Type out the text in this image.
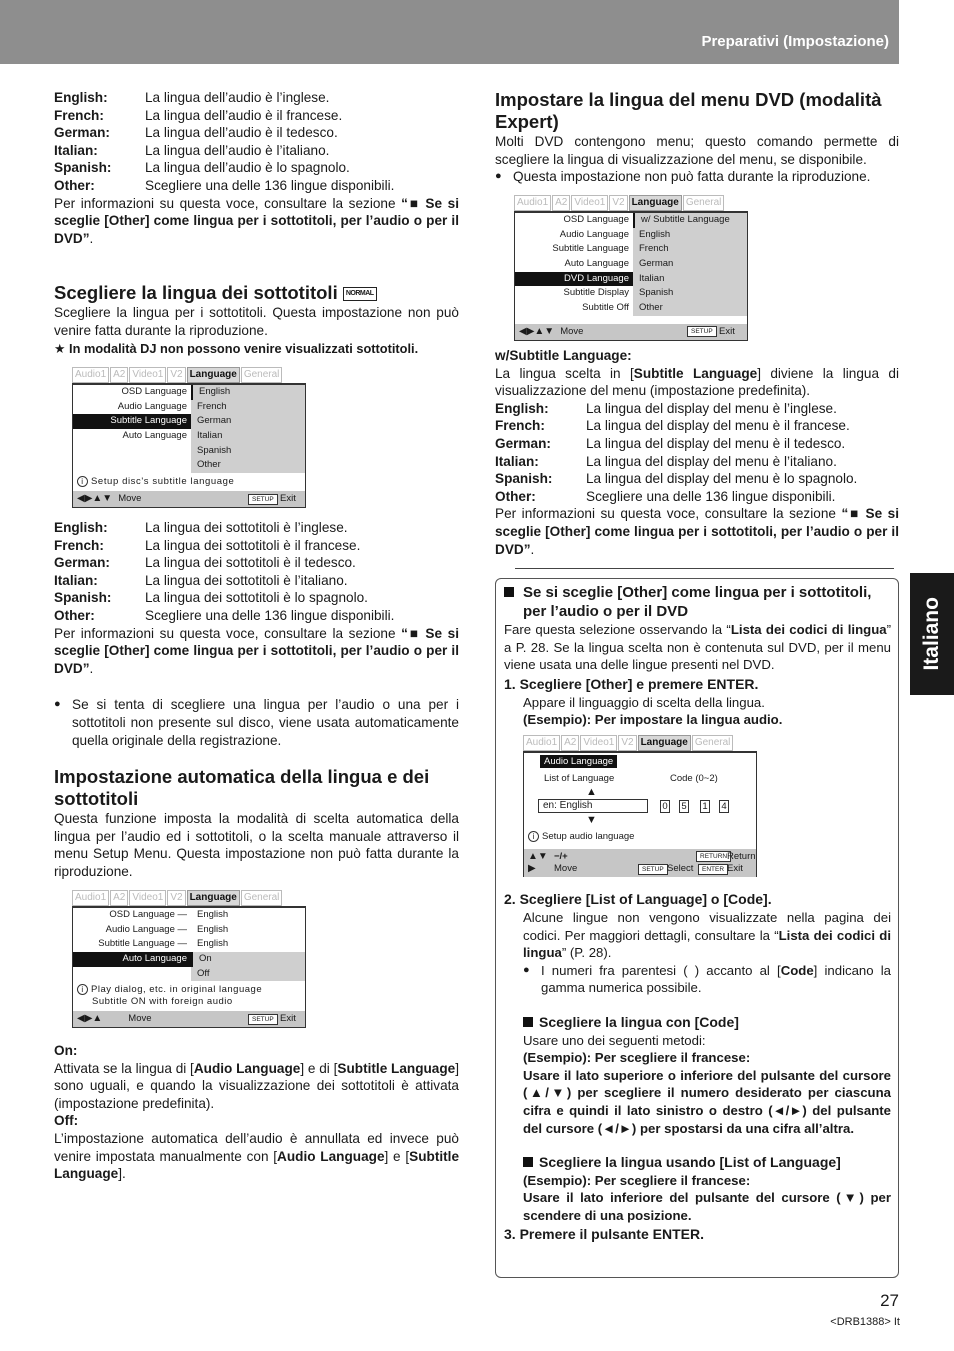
Preparativi (Impostazione)
Italiano
English:	La lingua dell’audio è l’inglese.
French:	La lingua dell’audio è il francese.
German:	La lingua dell’audio è il tedesco.
Italian:	La lingua dell’audio è l’italiano.
Spanish:	La lingua dell’audio è lo spagnolo.
Other:	Scegliere una delle 136 lingue disponibili.

Per informazioni su questa voce, consultare la sezione “■ Se si sceglie [Other] come lingua per i sottotitoli, per l’audio o per il DVD”.

Scegliere la lingua dei sottotitoli NORMAL

Scegliere la lingua per i sottotitoli. Questa impostazione non può venire fatta durante la riproduzione.

★ In modalità DJ non possono venire visualizzati sottotitoli.

Audio1 A2 Video1 V2 Language General
OSD Language	English
Audio Language	French
Subtitle Language	German
Auto Language	Italian
Spanish
Other
i Setup disc's subtitle language
◀▶▲▼ Move	SETUP Exit
English:	La lingua dei sottotitoli è l’inglese.
French:	La lingua dei sottotitoli è il francese.
German:	La lingua dei sottotitoli è il tedesco.
Italian:	La lingua dei sottotitoli è l’italiano.
Spanish:	La lingua dei sottotitoli è lo spagnolo.
Other:	Scegliere una delle 136 lingue disponibili.

Per informazioni su questa voce, consultare la sezione “■ Se si sceglie [Other] come lingua per i sottotitoli, per l’audio o per il DVD”.

● Se si tenta di scegliere una lingua per l’audio o una per i sottotitoli non presente sul disco, viene usata automaticamente quella originale della registrazione.
Impostazione automatica della lingua e dei sottotitoli

Questa funzione imposta la modalità di scelta automatica della lingua per l’audio ed i sottotitoli, o la scelta manuale attraverso il menu Setup Menu. Questa impostazione non può fatta durante la riproduzione.

Audio1 A2 Video1 V2 Language General
OSD Language —	English
Audio Language —	English
Subtitle Language —	English
Auto Language	On
Off
i Play dialog, etc. in original language
Subtitle ON with foreign audio
◀▶▲	Move	SETUP Exit

On:

Attivata se la lingua di [Audio Language] e di [Subtitle Language] sono uguali, e quando la visualizzazione dei sottotitoli è attivata (impostazione predefinita).

Off:

L’impostazione automatica dell’audio è annullata ed invece può venire impostata manualmente con [Audio Language] e [Subtitle Language].

Impostare la lingua del menu DVD (modalità Expert)

Molti DVD contengono menu; questo comando permette di scegliere la lingua di visualizzazione del menu, se disponibile.

● Questa impostazione non può fatta durante la riproduzione.
Audio1 A2 Video1 V2 Language General
OSD Language	w/ Subtitle Language
Audio Language	English
Subtitle Language	French
Auto Language	German
DVD Language	Italian
Subtitle Display	Spanish
Subtitle Off	Other
◀▶▲▼ Move	SETUP Exit

w/Subtitle Language:

La lingua scelta in [Subtitle Language] diviene la lingua di visualizzazione del menu (impostazione predefinita).

English:	La lingua del display del menu è l’inglese.
French:	La lingua del display del menu è il francese.
German:	La lingua del display del menu è il tedesco.
Italian:	La lingua del display del menu è l’italiano.
Spanish:	La lingua del display del menu è lo spagnolo.
Other:	Scegliere una delle 136 lingue disponibili.

Per informazioni su questa voce, consultare la sezione “■ Se si sceglie [Other] come lingua per i sottotitoli, per l’audio o per il DVD”.

Se si sceglie [Other] come lingua per i sottotitoli, per l’audio o per il DVD

Fare questa selezione osservando la “Lista dei codici di lingua” a P. 28. Se la lingua scelta non è contenuta sul DVD, per il menu viene usata una delle lingue presenti nel DVD.

1. Scegliere [Other] e premere ENTER.

Appare il linguaggio di scelta della lingua.

(Esempio): Per impostare la lingua audio.

Audio1 A2 Video1 V2 Language General
Audio Language
List of Language	Code (0~2)
▲
en: English
▼
0 5 1 4
i Setup audio language
▲▼ −/+
▶ Move
RETURN Return
SETUP Select	ENTER Exit

2. Scegliere [List of Language] o [Code].

Alcune lingue non vengono visualizzate nella pagina dei codici. Per maggiori dettagli, consultare la “Lista dei codici di lingua” (P. 28).

● I numeri fra parentesi ( ) accanto al [Code] indicano la gamma numerica possibile.
Scegliere la lingua con [Code]

Usare uno dei seguenti metodi:

(Esempio): Per scegliere il francese:

Usare il lato superiore o inferiore del pulsante del cursore (▲/▼) per scegliere il numero desiderato per ciascuna cifra e quindi il lato sinistro o destro (◄/►) del pulsante del cursore (◄/►) per spostarsi da una cifra all’altra.

Scegliere la lingua usando [List of Language]

(Esempio): Per scegliere il francese:

Usare il lato inferiore del pulsante del cursore (▼) per scendere di una posizione.

3. Premere il pulsante ENTER.

27
<DRB1388> It
